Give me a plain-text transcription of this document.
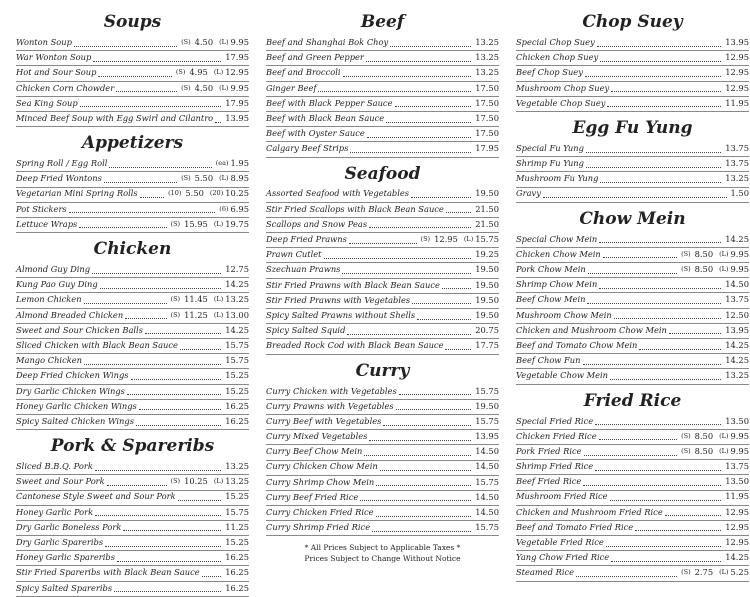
Soups
Wonton Soup	(S) 4.50 (L) 9.95
War Wonton Soup	17.95
Hot and Sour Soup	(S) 4.95 (L) 12.95
Chicken Corn Chowder	(S) 4.50 (L) 9.95
Sea King Soup	17.95
Minced Beef Soup with Egg Swirl and Cilantro 13.95
Appetizers
Spring Roll / Egg Roll	(ea) 1.95
Deep Fried Wontons	(S) 5.50 (L) 8.95
Vegetarian Mini Spring Rolls	(10) 5.50 (20) 10.25
Pot Stickers	(6) 6.95
Lettuce Wraps	(S) 15.95 (L) 19.75
Chicken
Almond Guy Ding	12.75
Kung Pao Guy Ding	14.25
Lemon Chicken	(S) 11.45 (L) 13.25
Almond Breaded Chicken	(S) 11.25 (L) 13.00
Sweet and Sour Chicken Balls	14.25
Sliced Chicken with Black Bean Sauce	15.75
Mango Chicken	15.75
Deep Fried Chicken Wings	15.25
Dry Garlic Chicken Wings	15.25
Honey Garlic Chicken Wings	16.25
Spicy Salted Chicken Wings	16.25
Pork & Spareribs
Sliced B.B.Q. Pork	13.25
Sweet and Sour Pork	(S) 10.25 (L) 13.25
Cantonese Style Sweet and Sour Pork	15.25
Honey Garlic Pork	15.75
Dry Garlic Boneless Pork	11.25
Dry Garlic Spareribs	15.25
Honey Garlic Spareribs	16.25
Stir Fried Spareribs with Black Bean Sauce	16.25
Spicy Salted Spareribs	16.25
Beef
Beef and Shanghai Bok Choy	13.25
Beef and Green Pepper	13.25
Beef and Broccoli	13.25
Ginger Beef	17.50
Beef with Black Pepper Sauce	17.50
Beef with Black Bean Sauce	17.50
Beef with Oyster Sauce	17.50
Calgary Beef Strips	17.95
Seafood
Assorted Seafood with Vegetables	19.50
Stir Fried Scallops with Black Bean Sauce	21.50
Scallops and Snow Peas	21.50
Deep Fried Prawns	(S) 12.95 (L) 15.75
Prawn Cutlet	19.25
Szechuan Prawns	19.50
Stir Fried Prawns with Black Bean Sauce	19.50
Stir Fried Prawns with Vegetables	19.50
Spicy Salted Prawns without Shells	19.50
Spicy Salted Squid	20.75
Breaded Rock Cod with Black Bean Sauce	17.75
Curry
Curry Chicken with Vegetables	15.75
Curry Prawns with Vegetables	19.50
Curry Beef with Vegetables	15.75
Curry Mixed Vegetables	13.95
Curry Beef Chow Mein	14.50
Curry Chicken Chow Mein	14.50
Curry Shrimp Chow Mein	15.75
Curry Beef Fried Rice	14.50
Curry Chicken Fried Rice	14.50
Curry Shrimp Fried Rice	15.75
* All Prices Subject to Applicable Taxes *
Prices Subject to Change Without Notice
Chop Suey
Special Chop Suey	13.95
Chicken Chop Suey	12.95
Beef Chop Suey	12.95
Mushroom Chop Suey	12.95
Vegetable Chop Suey	11.95
Egg Fu Yung
Special Fu Yung	13.75
Shrimp Fu Yung	13.75
Mushroom Fu Yung	13.25
Gravy	1.50
Chow Mein
Special Chow Mein	14.25
Chicken Chow Mein	(S) 8.50 (L) 9.95
Pork Chow Mein	(S) 8.50 (L) 9.95
Shrimp Chow Mein	14.50
Beef Chow Mein	13.75
Mushroom Chow Mein	12.50
Chicken and Mushroom Chow Mein	13.95
Beef and Tomato Chow Mein	14.25
Beef Chow Fun	14.25
Vegetable Chow Mein	13.25
Fried Rice
Special Fried Rice	13.50
Chicken Fried Rice	(S) 8.50 (L) 9.95
Pork Fried Rice	(S) 8.50 (L) 9.95
Shrimp Fried Rice	13.75
Beef Fried Rice	13.50
Mushroom Fried Rice	11.95
Chicken and Mushroom Fried Rice	12.95
Beef and Tomato Fried Rice	12.95
Vegetable Fried Rice	12.95
Yang Chow Fried Rice	14.25
Steamed Rice	(S) 2.75 (L) 5.25
